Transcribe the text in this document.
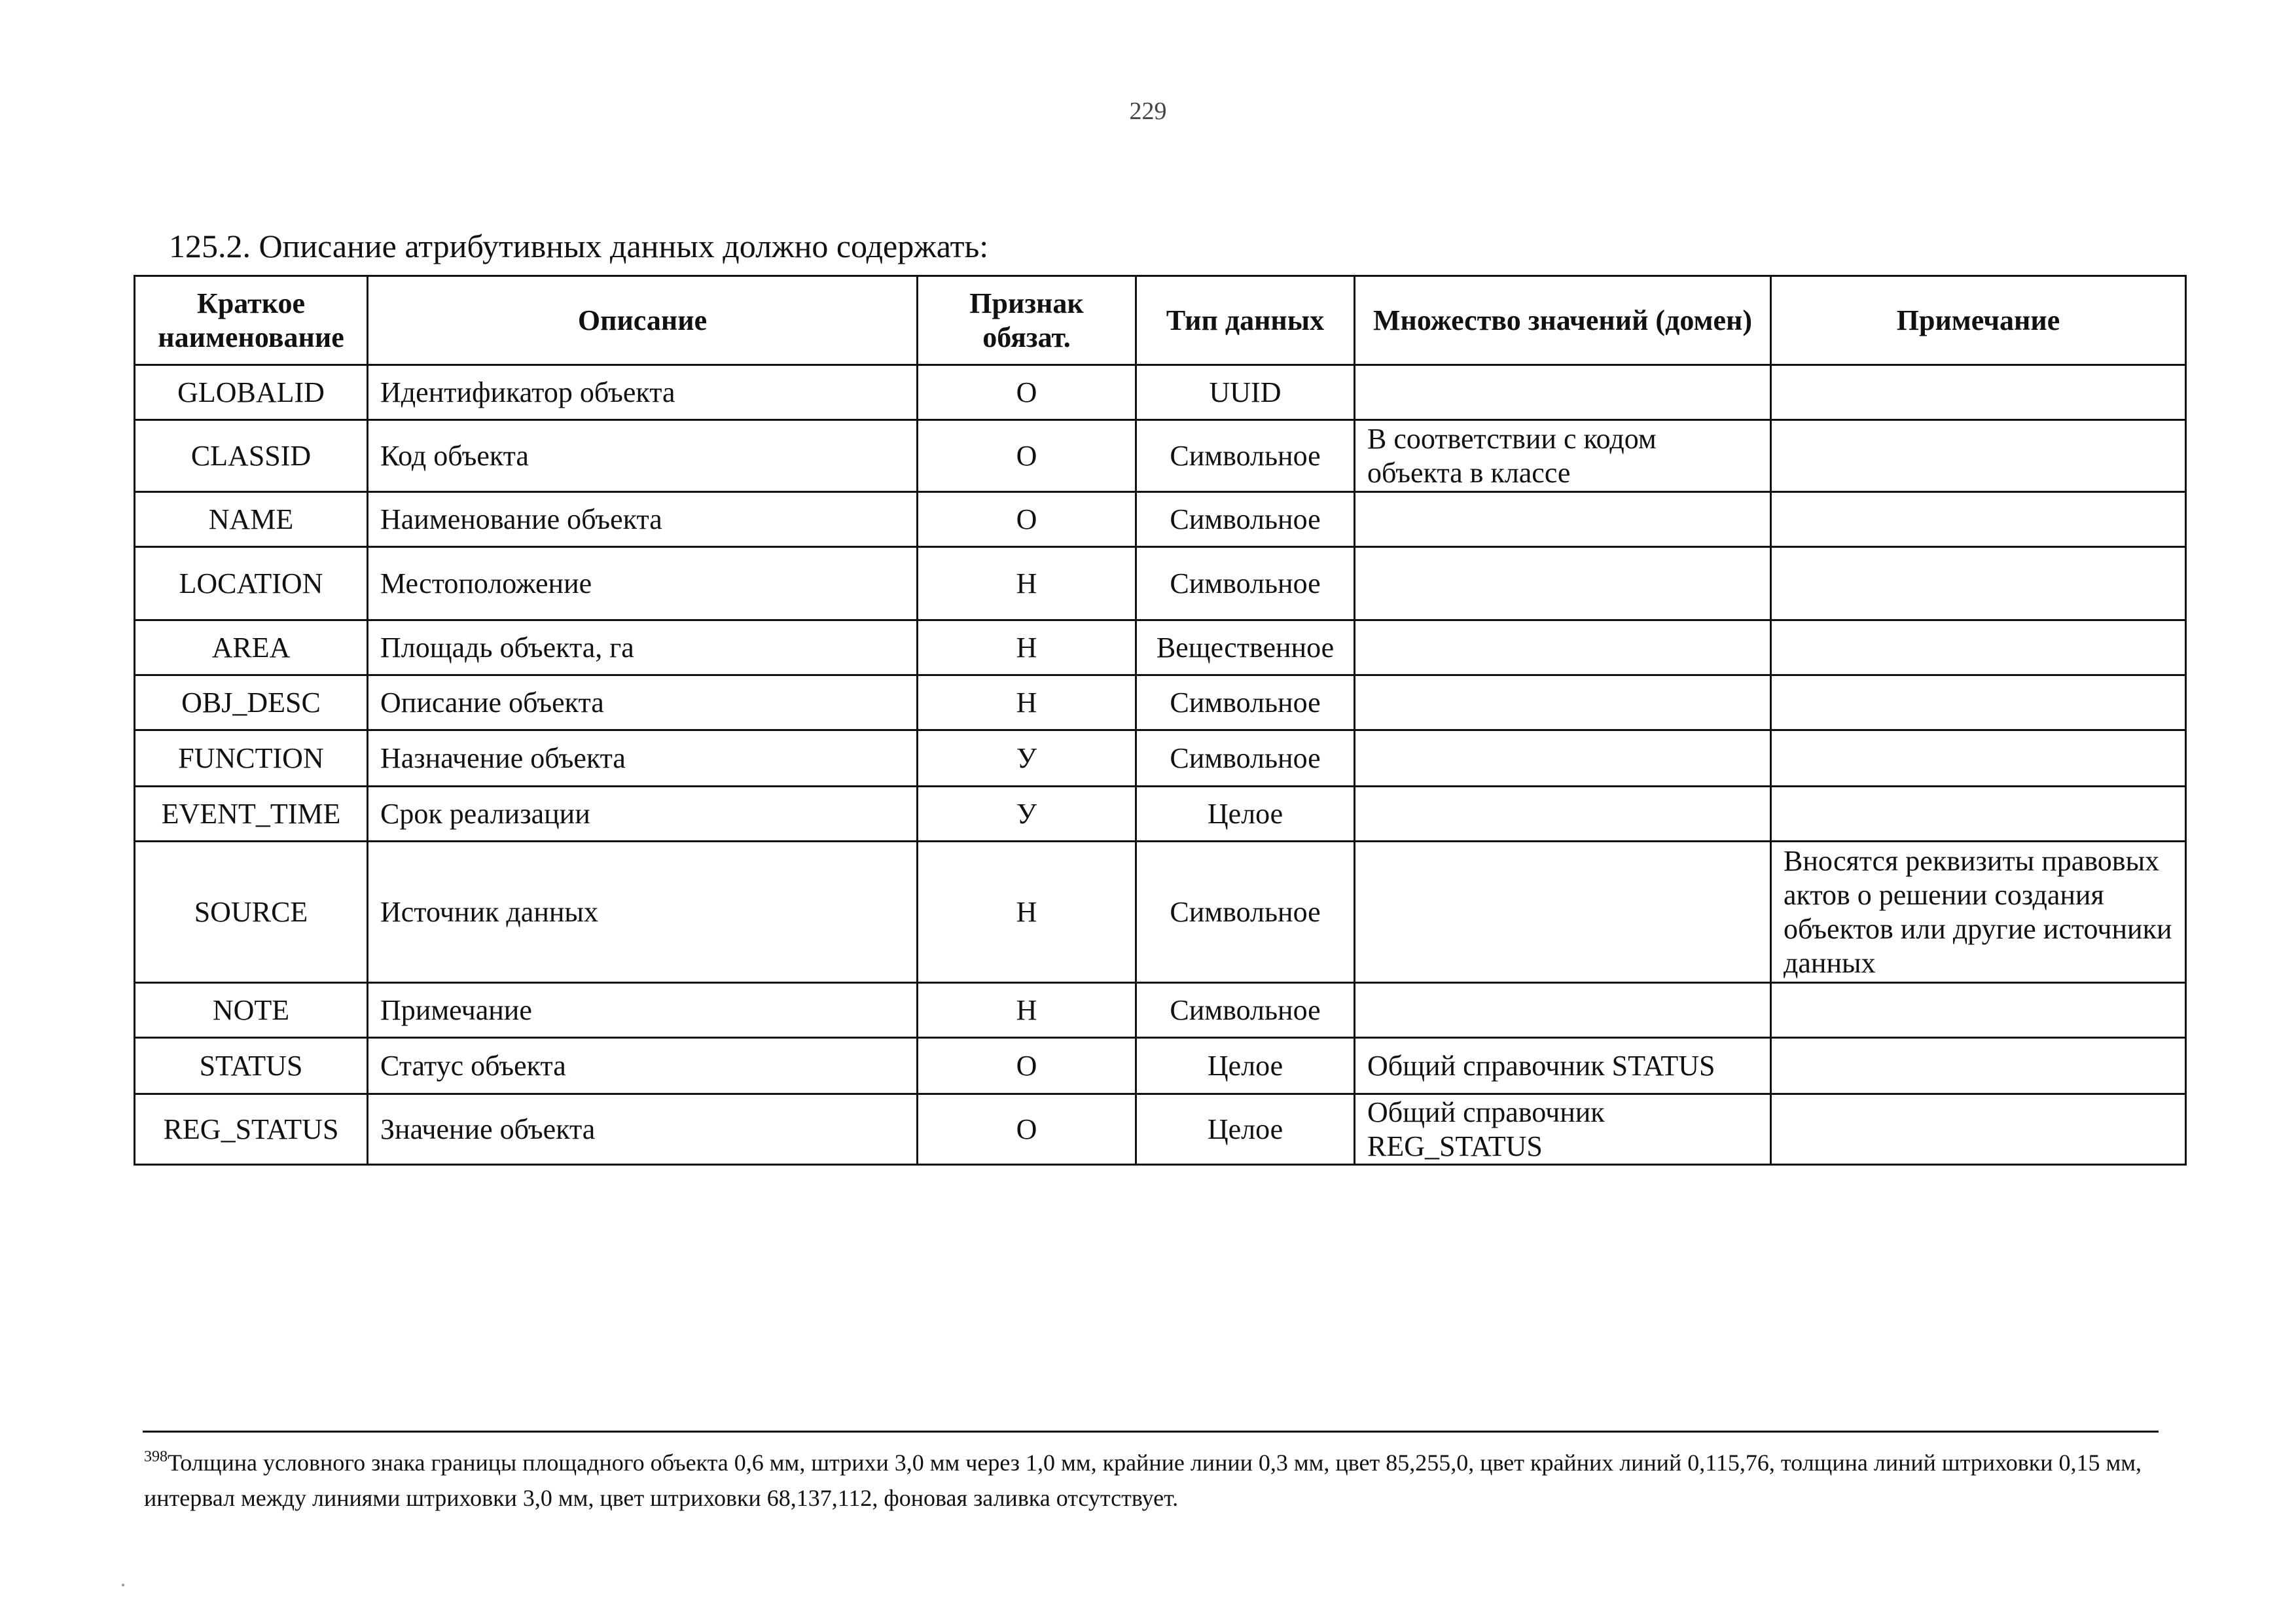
229
125.2. Описание атрибутивных данных должно содержать:
Краткое наименование	Описание	Признак обязат.	Тип данных	Множество значений (домен)	Примечание
GLOBALID	Идентификатор объекта	О	UUID		
CLASSID	Код объекта	О	Символьное	В соответствии с кодом объекта в классе	
NAME	Наименование объекта	О	Символьное		
LOCATION	Местоположение	Н	Символьное		
AREA	Площадь объекта, га	Н	Вещественное		
OBJ_DESC	Описание объекта	Н	Символьное		
FUNCTION	Назначение объекта	У	Символьное		
EVENT_TIME	Срок реализации	У	Целое		
SOURCE	Источник данных	Н	Символьное		Вносятся реквизиты правовых актов о решении создания объектов или другие источники данных
NOTE	Примечание	Н	Символьное		
STATUS	Статус объекта	О	Целое	Общий справочник STATUS	
REG_STATUS	Значение объекта	О	Целое	Общий справочник REG_STATUS	
$^{398}$Толщина условного знака границы площадного объекта 0,6 мм, штрихи 3,0 мм через 1,0 мм, крайние линии 0,3 мм, цвет 85,255,0, цвет крайних линий 0,115,76, толщина линий штриховки 0,15 мм, интервал между линиями штриховки 3,0 мм, цвет штриховки 68,137,112, фоновая заливка отсутствует.
